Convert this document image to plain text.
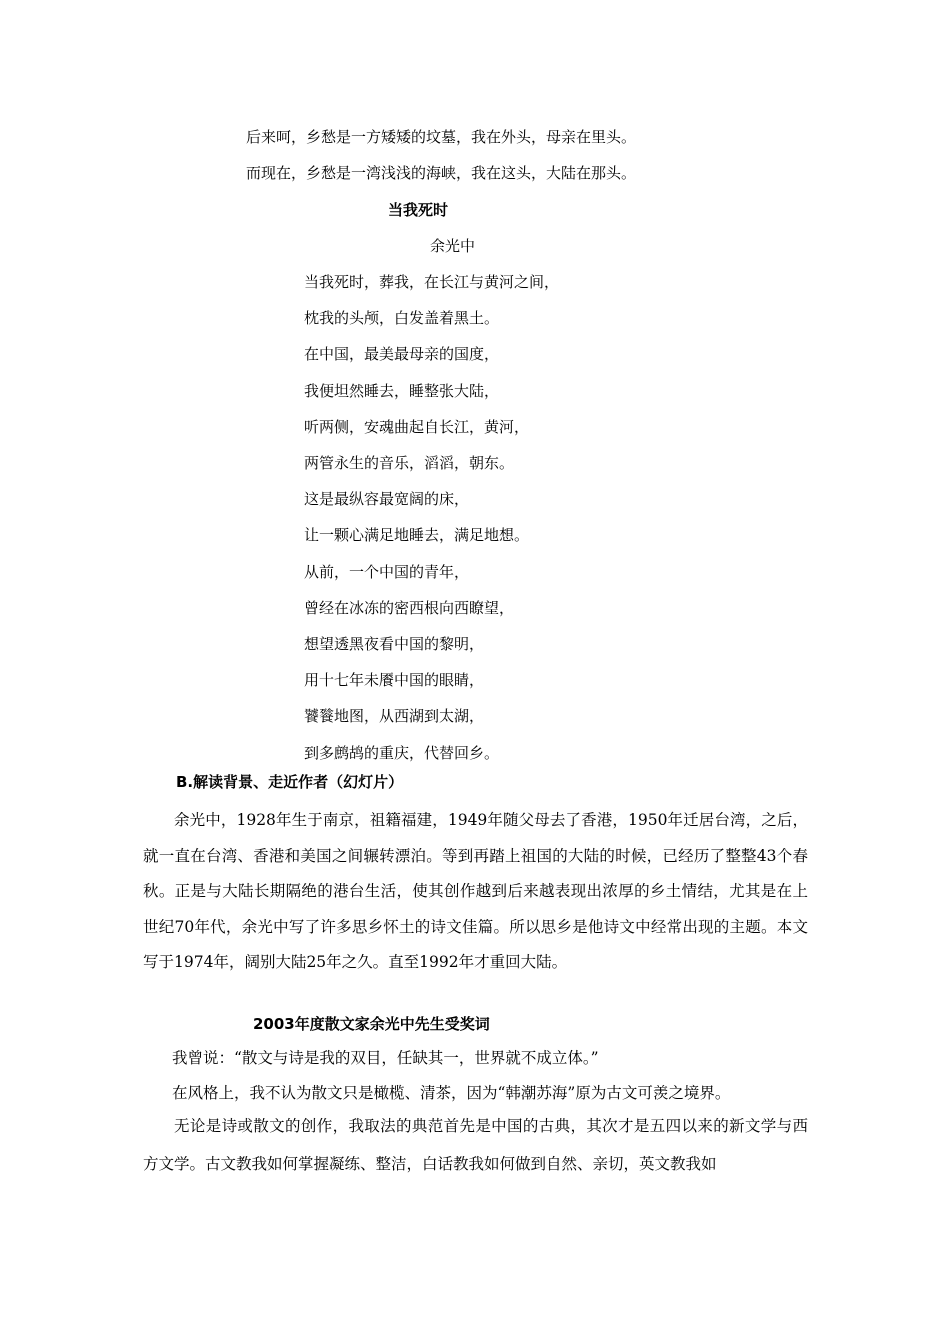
后来呵，乡愁是一方矮矮的坟墓，我在外头，母亲在里头。
而现在，乡愁是一湾浅浅的海峡，我在这头，大陆在那头。
当我死时
余光中
当我死时，葬我，在长江与黄河之间，
枕我的头颅，白发盖着黑土。
在中国，最美最母亲的国度，
我便坦然睡去，睡整张大陆，
听两侧，安魂曲起自长江，黄河，
两管永生的音乐，滔滔，朝东。
这是最纵容最宽阔的床，
让一颗心满足地睡去，满足地想。
从前，一个中国的青年，
曾经在冰冻的密西根向西瞭望，
想望透黑夜看中国的黎明，
用十七年未餍中国的眼睛，
饕餮地图，从西湖到太湖，
到多鹧鸪的重庆，代替回乡。
B.解读背景、走近作者（幻灯片）
余光中，1928年生于南京，祖籍福建，1949年随父母去了香港，1950年迁居台湾，之后，就一直在台湾、香港和美国之间辗转漂泊。等到再踏上祖国的大陆的时候，已经历了整整43个春秋。正是与大陆长期隔绝的港台生活，使其创作越到后来越表现出浓厚的乡土情结，尤其是在上世纪70年代，余光中写了许多思乡怀土的诗文佳篇。所以思乡是他诗文中经常出现的主题。本文写于1974年，阔别大陆25年之久。直至1992年才重回大陆。
2003年度散文家余光中先生受奖词
我曾说：“散文与诗是我的双目，任缺其一，世界就不成立体。”
在风格上，我不认为散文只是橄榄、清茶，因为“韩潮苏海”原为古文可羡之境界。
无论是诗或散文的创作，我取法的典范首先是中国的古典，其次才是五四以来的新文学与西方文学。古文教我如何掌握凝练、整洁，白话教我如何做到自然、亲切，英文教我如
